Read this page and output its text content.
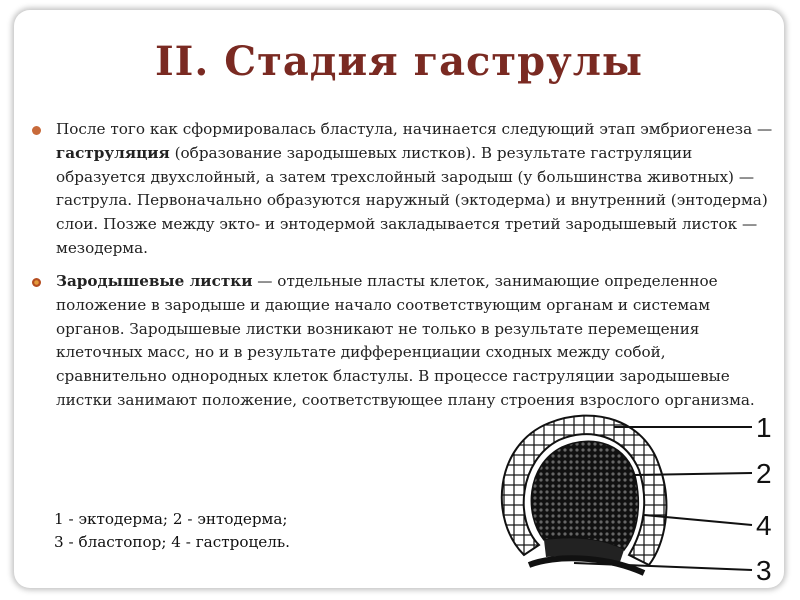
II. Стадия гаструлы
После того как сформировалась бластула, начинается следующий этап эмбриогенеза — гаструляция (образование зародышевых листков). В результате гаструляции образуется двухслойный, а затем трехслойный зародыш (у большинства животных) — гаструла. Первоначально образуются наружный (эктодерма) и внутренний (энтодерма) слои. Позже между экто- и энтодермой закладывается третий зародышевый листок — мезодерма.
Зародышевые листки — отдельные пласты клеток, занимающие определенное положение в зародыше и дающие начало соответствующим органам и системам органов. Зародышевые листки возникают не только в результате перемещения клеточных масс, но и в результате дифференциации сходных между собой, сравнительно однородных клеток бластулы. В процессе гаструляции зародышевые листки занимают положение, соответствующее плану строения взрослого организма.
1 - эктодерма; 2 - энтодерма;
3 - бластопор; 4 - гастроцель.
1
2
4
3
